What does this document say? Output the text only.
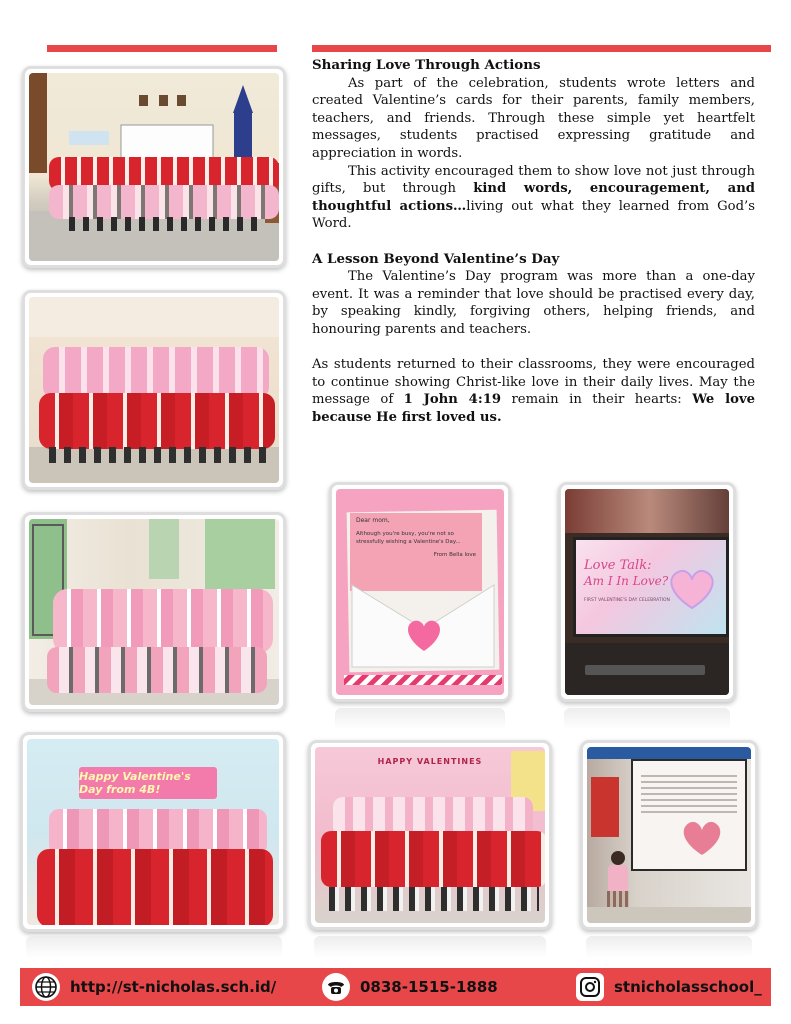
Happy Valentine's Day from 4B!
Dear mom,
Although you're busy, you're not so stressfully wishing a Valentine's Day...
From Bella love
Love Talk:
Am I In Love?
FIRST VALENTINE'S DAY CELEBRATION
HAPPY VALENTINES
Sharing Love Through Actions

As part of the celebration, students wrote letters and created Valentine’s cards for their parents, family members, teachers, and friends. Through these simple yet heartfelt messages, students practised expressing gratitude and appreciation in words.

This activity encouraged them to show love not just through gifts, but through kind words, encouragement, and thoughtful actions…living out what they learned from God’s Word.

A Lesson Beyond Valentine’s Day

The Valentine’s Day program was more than a one-day event. It was a reminder that love should be practised every day, by speaking kindly, forgiving others, helping friends, and honouring parents and teachers.

As students returned to their classrooms, they were encouraged to continue showing Christ-like love in their daily lives. May the message of 1 John 4:19 remain in their hearts: We love because He first loved us.

http://st-nicholas.sch.id/	0838-1515-1888	stnicholasschool_
